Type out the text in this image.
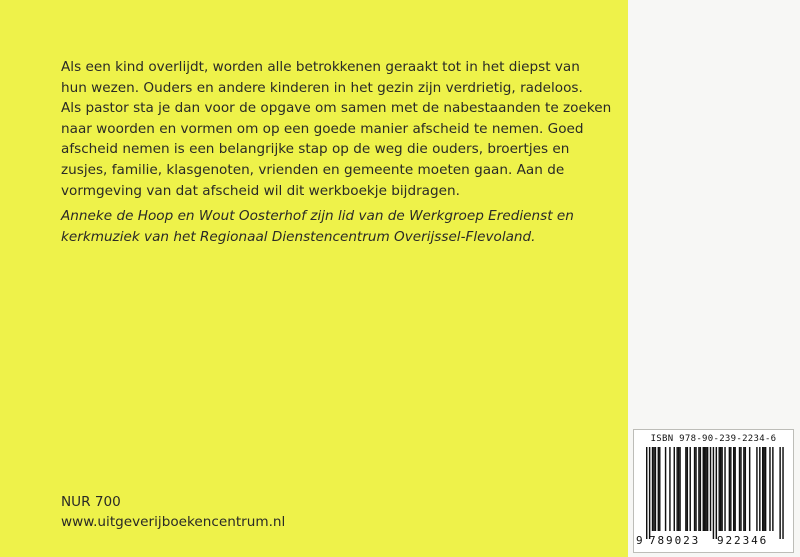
Als een kind overlijdt, worden alle betrokkenen geraakt tot in het diepst van

hun wezen. Ouders en andere kinderen in het gezin zijn verdrietig, radeloos.

Als pastor sta je dan voor de opgave om samen met de nabestaanden te zoeken

naar woorden en vormen om op een goede manier afscheid te nemen. Goed

afscheid nemen is een belangrijke stap op de weg die ouders, broertjes en

zusjes, familie, klasgenoten, vrienden en gemeente moeten gaan. Aan de

vormgeving van dat afscheid wil dit werkboekje bijdragen.

Anneke de Hoop en Wout Oosterhof zijn lid van de Werkgroep Eredienst en

kerkmuziek van het Regionaal Dienstencentrum Overijssel-Flevoland.

NUR 700
www.uitgeverijboekencentrum.nl
ISBN 978-90-239-2234-6
9 789023 922346
